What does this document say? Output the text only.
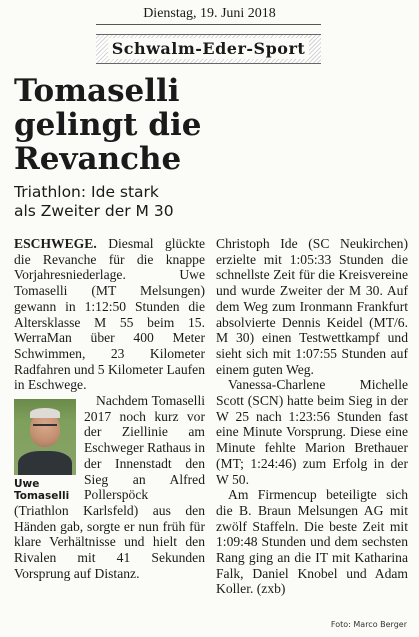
Dienstag, 19. Juni 2018
Schwalm-Eder-Sport
Tomaselli
gelingt die
Revanche
Triathlon: Ide stark
als Zweiter der M 30

ESCHWEGE. Diesmal glückte die Revanche für die knappe Vorjahresniederlage. Uwe Tomaselli (MT Melsungen) gewann in 1:12:50 Stunden die Altersklasse M 55 beim 15. WerraMan über 400 Meter Schwimmen, 23 Kilometer Radfahren und 5 Kilometer Laufen in Eschwege.

Uwe
Tomaselli
Nachdem Tomaselli 2017 noch kurz vor der Ziellinie am Eschweger Rathaus in der Innenstadt den Sieg an Alfred Pollerspöck (Triathlon Karlsfeld) aus den Händen gab, sorgte er nun früh für klare Verhältnisse und hielt den Rivalen mit 41 Sekunden Vorsprung auf Distanz.

Christoph Ide (SC Neukirchen) erzielte mit 1:05:33 Stunden die schnellste Zeit für die Kreisvereine und wurde Zweiter der M 30. Auf dem Weg zum Ironmann Frankfurt absolvierte Dennis Keidel (MT/6. M 30) einen Testwettkampf und sieht sich mit 1:07:55 Stunden auf einem guten Weg.

Vanessa-Charlene Michelle Scott (SCN) hatte beim Sieg in der W 25 nach 1:23:56 Stunden fast eine Minute Vorsprung. Diese eine Minute fehlte Marion Brethauer (MT; 1:24:46) zum Erfolg in der W 50.

Am Firmencup beteiligte sich die B. Braun Melsungen AG mit zwölf Staffeln. Die beste Zeit mit 1:09:48 Stunden und dem sechsten Rang ging an die IT mit Katharina Falk, Daniel Knobel und Adam Koller. (zxb)

Foto: Marco Berger
